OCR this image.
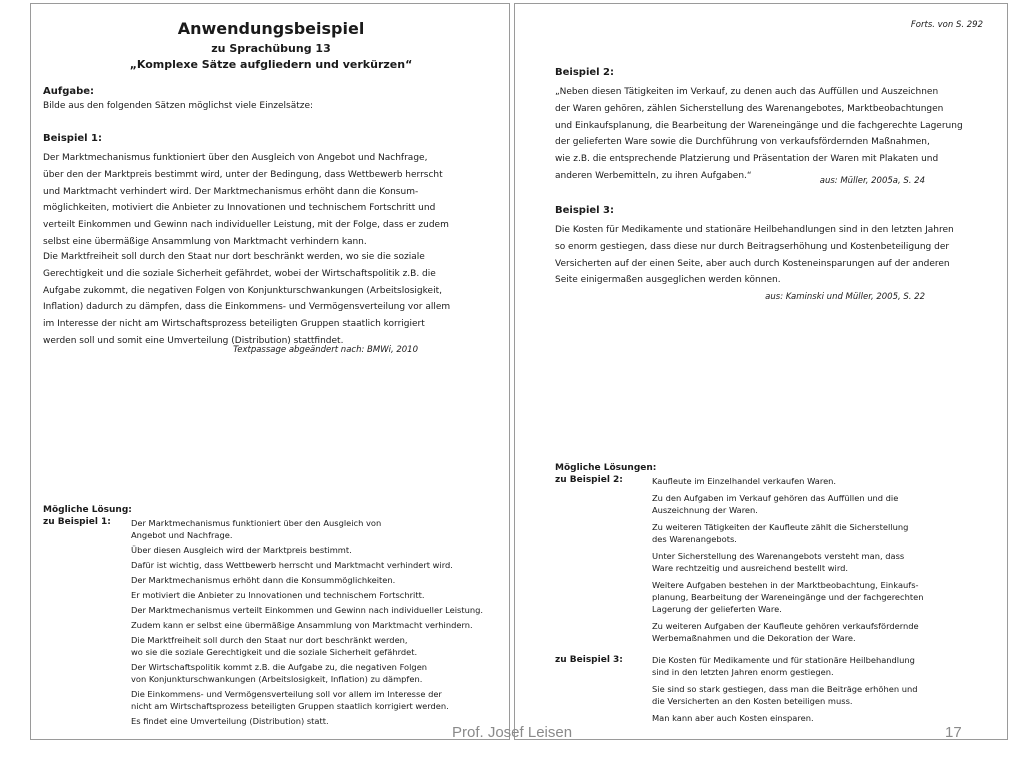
Anwendungsbeispiel
zu Sprachübung 13
„Komplexe Sätze aufgliedern und verkürzen“
Aufgabe:
Bilde aus den folgenden Sätzen möglichst viele Einzelsätze:
Beispiel 1:

Der Marktmechanismus funktioniert über den Ausgleich von Angebot und Nachfrage,

über den der Marktpreis bestimmt wird, unter der Bedingung, dass Wettbewerb herrscht

und Marktmacht verhindert wird. Der Marktmechanismus erhöht dann die Konsum-

möglichkeiten, motiviert die Anbieter zu Innovationen und technischem Fortschritt und

verteilt Einkommen und Gewinn nach individueller Leistung, mit der Folge, dass er zudem

selbst eine übermäßige Ansammlung von Marktmacht verhindern kann.

Die Marktfreiheit soll durch den Staat nur dort beschränkt werden, wo sie die soziale

Gerechtigkeit und die soziale Sicherheit gefährdet, wobei der Wirtschaftspolitik z.B. die

Aufgabe zukommt, die negativen Folgen von Konjunkturschwankungen (Arbeitslosigkeit,

Inflation) dadurch zu dämpfen, dass die Einkommens- und Vermögensverteilung vor allem

im Interesse der nicht am Wirtschaftsprozess beteiligten Gruppen staatlich korrigiert

werden soll und somit eine Umverteilung (Distribution) stattfindet.

Textpassage abgeändert nach: BMWi, 2010
Mögliche Lösung:
zu Beispiel 1: Der Marktmechanismus funktioniert über den Ausgleich von
Angebot und Nachfrage.

Über diesen Ausgleich wird der Marktpreis bestimmt.

Dafür ist wichtig, dass Wettbewerb herrscht und Marktmacht verhindert wird.

Der Marktmechanismus erhöht dann die Konsummöglichkeiten.

Er motiviert die Anbieter zu Innovationen und technischem Fortschritt.

Der Marktmechanismus verteilt Einkommen und Gewinn nach individueller Leistung.

Zudem kann er selbst eine übermäßige Ansammlung von Marktmacht verhindern.

Die Marktfreiheit soll durch den Staat nur dort beschränkt werden,
wo sie die soziale Gerechtigkeit und die soziale Sicherheit gefährdet.

Der Wirtschaftspolitik kommt z.B. die Aufgabe zu, die negativen Folgen
von Konjunkturschwankungen (Arbeitslosigkeit, Inflation) zu dämpfen.

Die Einkommens- und Vermögensverteilung soll vor allem im Interesse der
nicht am Wirtschaftsprozess beteiligten Gruppen staatlich korrigiert werden.

Es findet eine Umverteilung (Distribution) statt.

Forts. von S. 292
Beispiel 2:

„Neben diesen Tätigkeiten im Verkauf, zu denen auch das Auffüllen und Auszeichnen

der Waren gehören, zählen Sicherstellung des Warenangebotes, Marktbeobachtungen

und Einkaufsplanung, die Bearbeitung der Wareneingänge und die fachgerechte Lagerung

der gelieferten Ware sowie die Durchführung von verkaufsfördernden Maßnahmen,

wie z.B. die entsprechende Platzierung und Präsentation der Waren mit Plakaten und

anderen Werbemitteln, zu ihren Aufgaben.“

aus: Müller, 2005a, S. 24
Beispiel 3:

Die Kosten für Medikamente und stationäre Heilbehandlungen sind in den letzten Jahren

so enorm gestiegen, dass diese nur durch Beitragserhöhung und Kostenbeteiligung der

Versicherten auf der einen Seite, aber auch durch Kosteneinsparungen auf der anderen

Seite einigermaßen ausgeglichen werden können.

aus: Kaminski und Müller, 2005, S. 22
Mögliche Lösungen:
zu Beispiel 2:	Kaufleute im Einzelhandel verkaufen Waren.

Zu den Aufgaben im Verkauf gehören das Auffüllen und die
Auszeichnung der Waren.

Zu weiteren Tätigkeiten der Kaufleute zählt die Sicherstellung
des Warenangebots.

Unter Sicherstellung des Warenangebots versteht man, dass
Ware rechtzeitig und ausreichend bestellt wird.

Weitere Aufgaben bestehen in der Marktbeobachtung, Einkaufs-
planung, Bearbeitung der Wareneingänge und der fachgerechten
Lagerung der gelieferten Ware.

Zu weiteren Aufgaben der Kaufleute gehören verkaufsfördernde
Werbemaßnahmen und die Dekoration der Ware.

zu Beispiel 3:	Die Kosten für Medikamente und für stationäre Heilbehandlung
sind in den letzten Jahren enorm gestiegen.

Sie sind so stark gestiegen, dass man die Beiträge erhöhen und
die Versicherten an den Kosten beteiligen muss.

Man kann aber auch Kosten einsparen.

Prof. Josef Leisen	17
